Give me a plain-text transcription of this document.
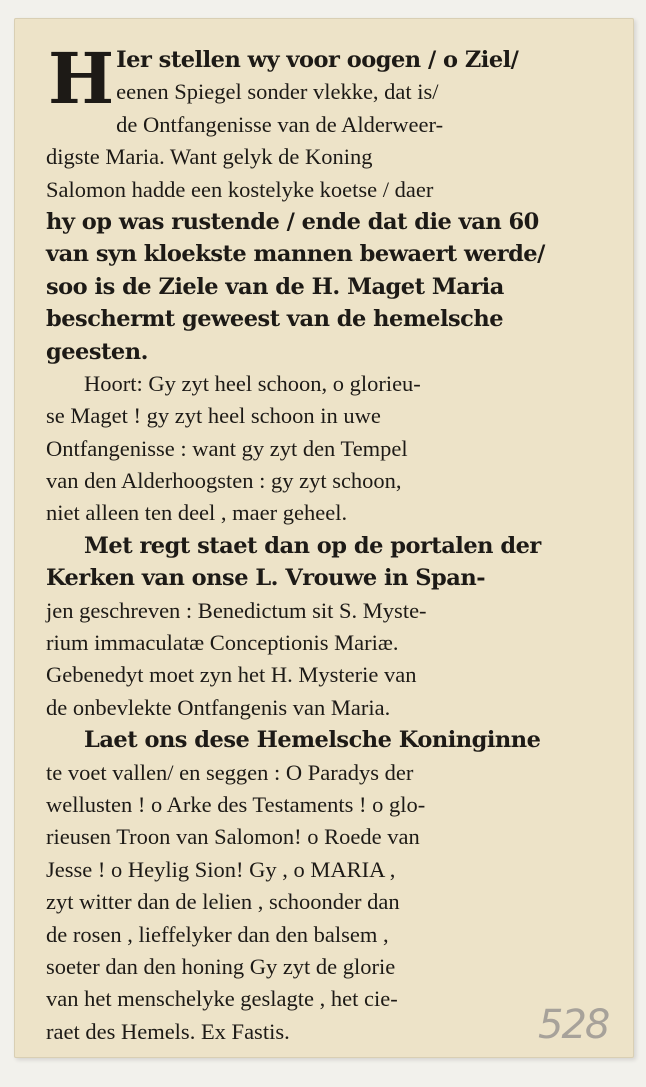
H Ier stellen wy voor oogen / o Ziel/
eenen Spiegel sonder vlekke, dat is/
de Ontfangenisse van de Alderweer-
digste Maria. Want gelyk de Koning
Salomon hadde een kostelyke koetse / daer
hy op was rustende / ende dat die van 60
van syn kloekste mannen bewaert werde/
soo is de Ziele van de H. Maget Maria
beschermt geweest van de hemelsche
geesten.
Hoort: Gy zyt heel schoon, o glorieu-
se Maget ! gy zyt heel schoon in uwe
Ontfangenisse : want gy zyt den Tempel
van den Alderhoogsten : gy zyt schoon,
niet alleen ten deel , maer geheel.
Met regt staet dan op de portalen der
Kerken van onse L. Vrouwe in Span-
jen geschreven : Benedictum sit S. Myste-
rium immaculatæ Conceptionis Mariæ.
Gebenedyt moet zyn het H. Mysterie van
de onbevlekte Ontfangenis van Maria.
Laet ons dese Hemelsche Koninginne
te voet vallen/ en seggen : O Paradys der
wellusten ! o Arke des Testaments ! o glo-
rieusen Troon van Salomon! o Roede van
Jesse ! o Heylig Sion! Gy , o MARIA ,
zyt witter dan de lelien , schoonder dan
de rosen , lieffelyker dan den balsem ,
soeter dan den honing Gy zyt de glorie
van het menschelyke geslagte , het cie-
raet des Hemels. Ex Fastis.	528
